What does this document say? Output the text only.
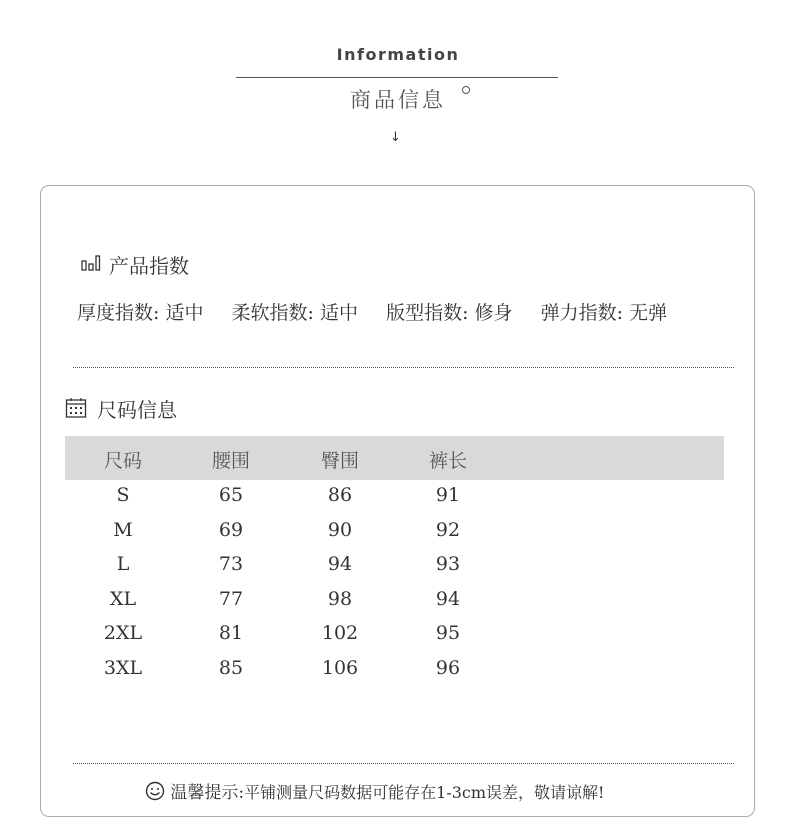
Information
商品信息
↓
产品指数
厚度指数: 适中 柔软指数: 适中 版型指数: 修身 弹力指数: 无弹
尺码信息
尺码	腰围	臀围	裤长
S	65	86	91
M	69	90	92
L	73	94	93
XL	77	98	94
2XL	81	102	95
3XL	85	106	96
温馨提示:平铺测量尺码数据可能存在1-3cm误差，敬请谅解!
